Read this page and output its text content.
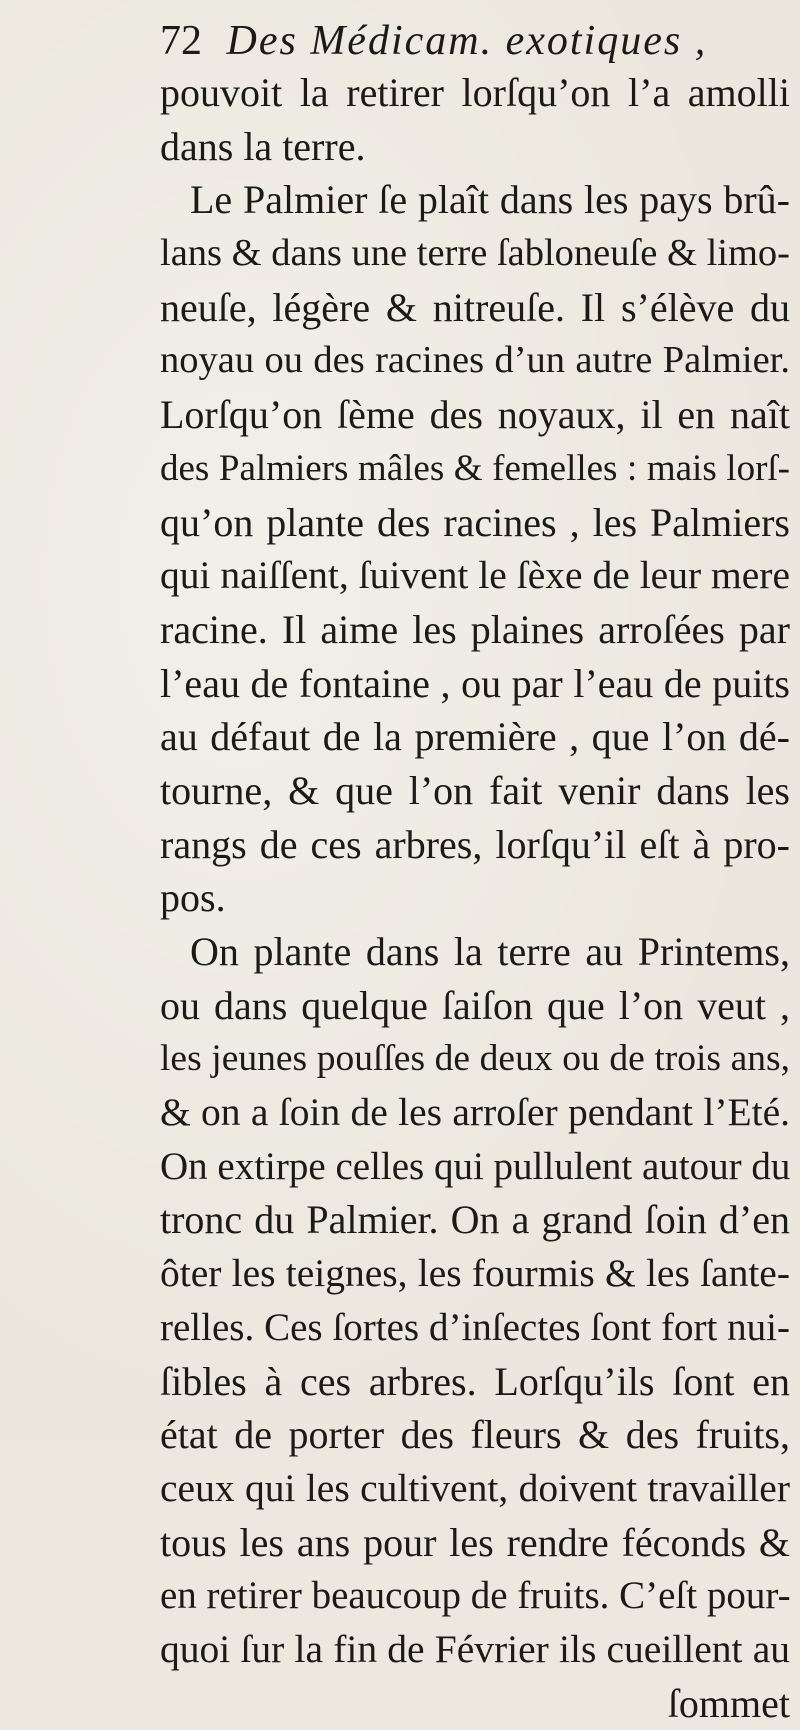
72 Des Médicam. exotiques ,
pouvoit la retirer lorſqu’on l’a amolli
dans la terre.
Le Palmier ſe plaît dans les pays brû-
lans & dans une terre ſabloneuſe & limo-
neuſe, légère & nitreuſe. Il s’élève du
noyau ou des racines d’un autre Palmier.
Lorſqu’on ſème des noyaux, il en naît
des Palmiers mâles & femelles : mais lorſ-
qu’on plante des racines , les Palmiers
qui naiſſent, ſuivent le ſèxe de leur mere
racine. Il aime les plaines arroſées par
l’eau de fontaine , ou par l’eau de puits
au défaut de la première , que l’on dé-
tourne, & que l’on fait venir dans les
rangs de ces arbres, lorſqu’il eſt à pro-
pos.
On plante dans la terre au Printems,
ou dans quelque ſaiſon que l’on veut ,
les jeunes pouſſes de deux ou de trois ans,
& on a ſoin de les arroſer pendant l’Eté.
On extirpe celles qui pullulent autour du
tronc du Palmier. On a grand ſoin d’en
ôter les teignes, les fourmis & les ſante-
relles. Ces ſortes d’inſectes ſont fort nui-
ſibles à ces arbres. Lorſqu’ils ſont en
état de porter des fleurs & des fruits,
ceux qui les cultivent, doivent travailler
tous les ans pour les rendre féconds &
en retirer beaucoup de fruits. C’eſt pour-
quoi ſur la fin de Février ils cueillent au
ſommet
